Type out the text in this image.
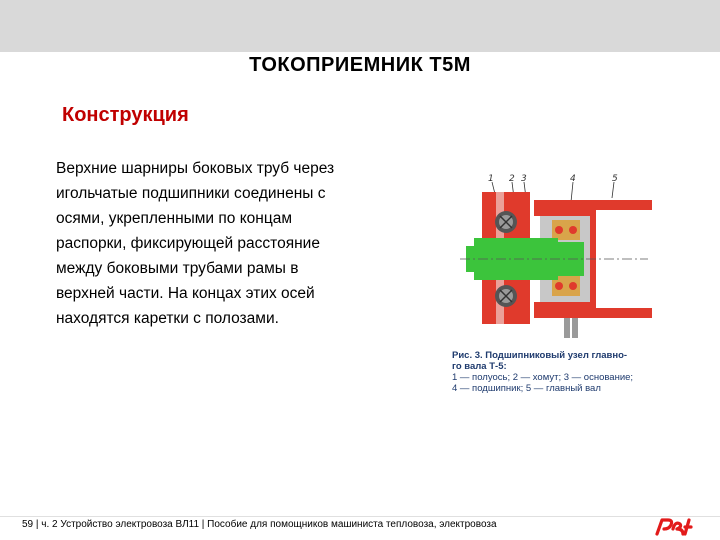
ТОКОПРИЕМНИК Т5М
Конструкция
Верхние шарниры боковых труб через
игольчатые подшипники соединены с
осями, укрепленными по концам
распорки, фиксирующей расстояние
между боковыми трубами рамы в
верхней части. На концах этих осей
находятся каретки с полозами.
1 2 3	4	5
Рис. 3. Подшипниковый узел главно-
го вала Т-5:
1 — полуось; 2 — хомут; 3 — основание;
4 — подшипник; 5 — главный вал
59 | ч. 2 Устройство электровоза ВЛ11 | Пособие для помощников машиниста тепловоза, электровоза
